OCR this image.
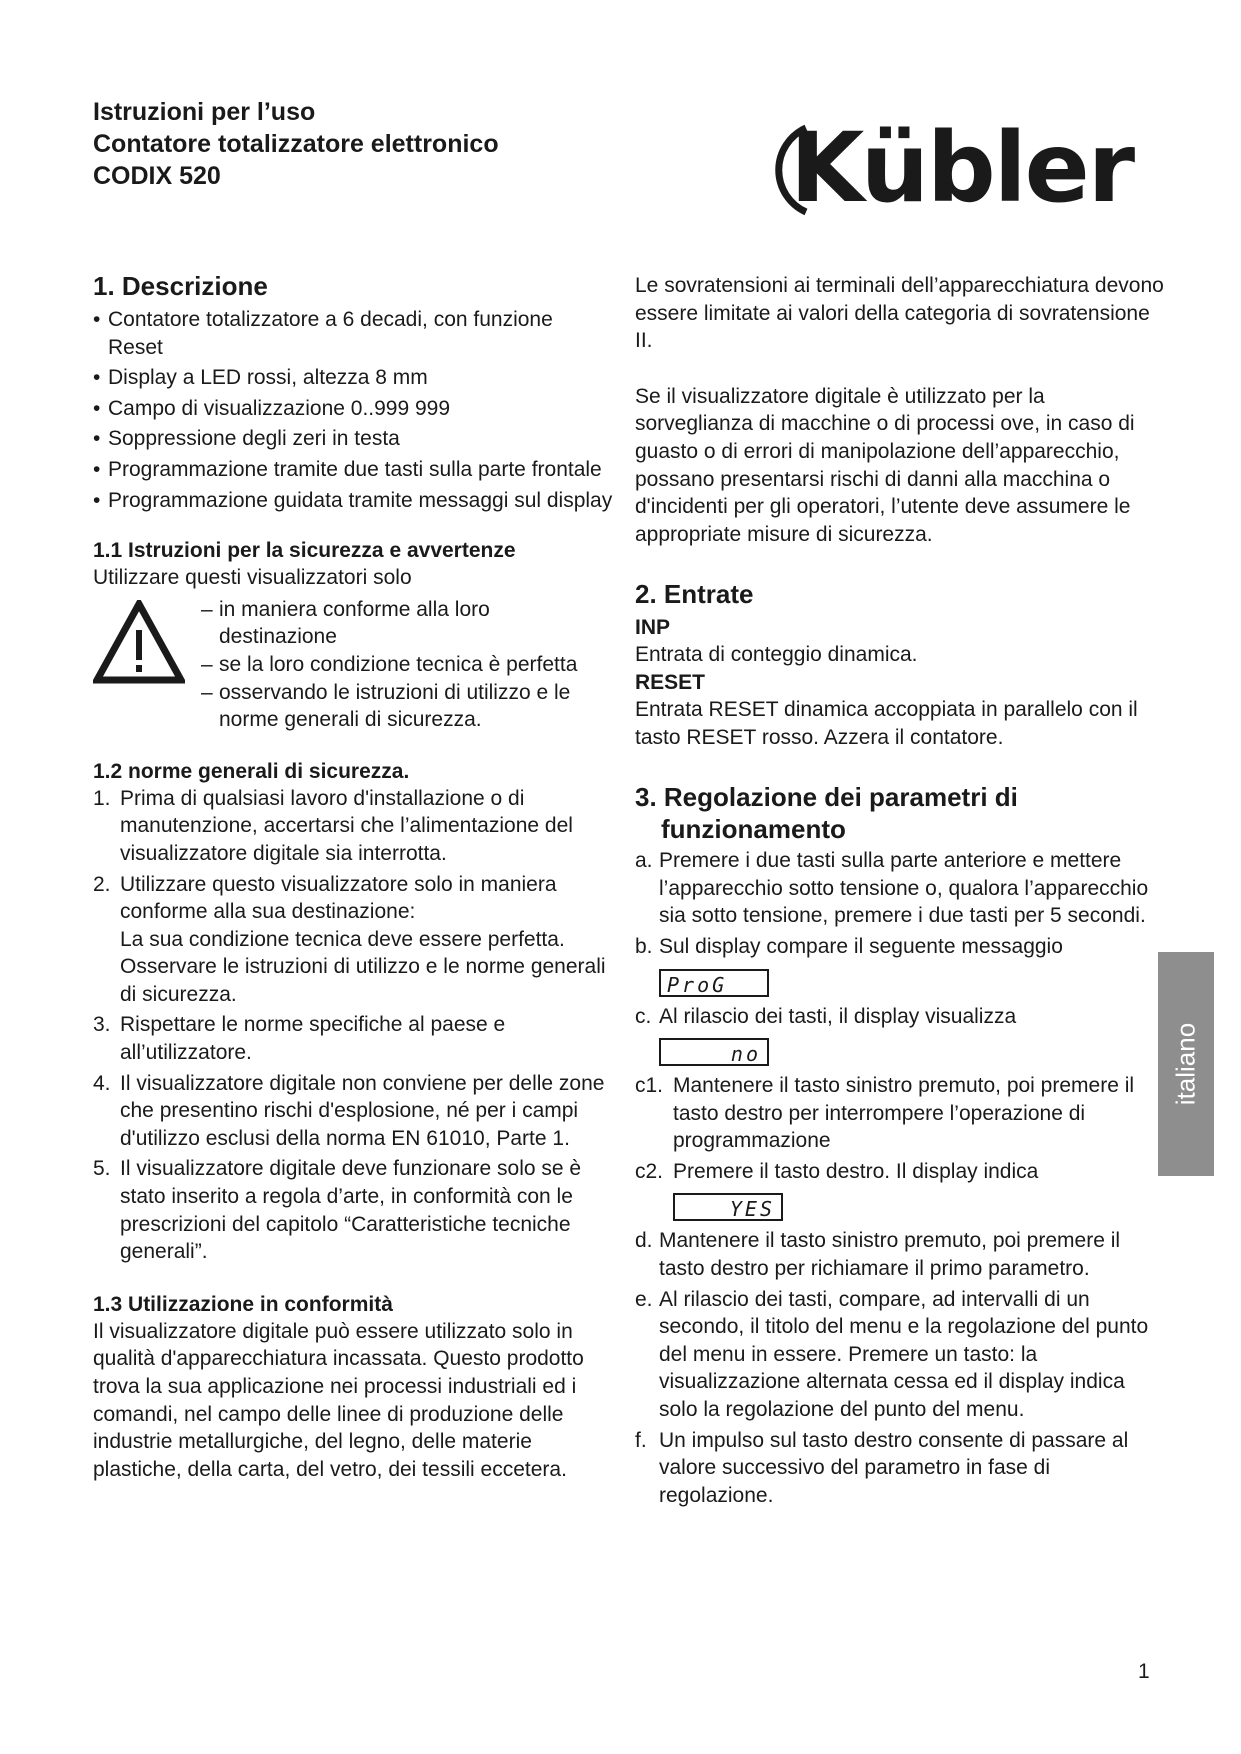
Istruzioni per l’uso
Contatore totalizzatore elettronico
CODIX 520	Kübler
1. Descrizione
• Contatore totalizzatore a 6 decadi, con funzione Reset
• Display a LED rossi, altezza 8 mm
• Campo di visualizzazione 0..999 999
• Soppressione degli zeri in testa
• Programmazione tramite due tasti sulla parte frontale
• Programmazione guidata tramite messaggi sul display
1.1 Istruzioni per la sicurezza e avvertenze

Utilizzare questi visualizzatori solo

– in maniera conforme alla loro destinazione
– se la loro condizione tecnica è perfetta
– osservando le istruzioni di utilizzo e le norme generali di sicurezza.
1.2 norme generali di sicurezza.
1. Prima di qualsiasi lavoro d'installazione o di manutenzione, accertarsi che l’alimentazione del visualizzatore digitale sia interrotta.
2. Utilizzare questo visualizzatore solo in maniera conforme alla sua destinazione:
La sua condizione tecnica deve essere perfetta. Osservare le istruzioni di utilizzo e le norme generali di sicurezza.
3. Rispettare le norme specifiche al paese e all’utilizzatore.
4. Il visualizzatore digitale non conviene per delle zone che presentino rischi d'esplosione, né per i campi d'utilizzo esclusi della norma EN 61010, Parte 1.
5. Il visualizzatore digitale deve funzionare solo se è stato inserito a regola d’arte, in conformità con le prescrizioni del capitolo “Caratteristiche tecniche generali”.
1.3 Utilizzazione in conformità

Il visualizzatore digitale può essere utilizzato solo in qualità d'apparecchiatura incassata. Questo prodotto trova la sua applicazione nei processi industriali ed i comandi, nel campo delle linee di produzione delle industrie metallurgiche, del legno, delle materie plastiche, della carta, del vetro, dei tessili eccetera.

Le sovratensioni ai terminali dell’apparecchiatura devono essere limitate ai valori della categoria di sovratensione II.

Se il visualizzatore digitale è utilizzato per la sorveglianza di macchine o di processi ove, in caso di guasto o di errori di manipolazione dell’apparecchio, possano presentarsi rischi di danni alla macchina o d'incidenti per gli operatori, l’utente deve assumere le appropriate misure di sicurezza.

2. Entrate
INP

Entrata di conteggio dinamica.

RESET

Entrata RESET dinamica accoppiata in parallelo con il tasto RESET rosso. Azzera il contatore.

3. Regolazione dei parametri di
funzionamento
a. Premere i due tasti sulla parte anteriore e mettere l’apparecchio sotto tensione o, qualora l’apparecchio sia sotto tensione, premere i due tasti per 5 secondi.
b. Sul display compare il seguente messaggio
ProG
c. Al rilascio dei tasti, il display visualizza
no
c1. Mantenere il tasto sinistro premuto, poi premere il tasto destro per interrompere l’operazione di programmazione
c2. Premere il tasto destro. Il display indica
YES
d. Mantenere il tasto sinistro premuto, poi premere il tasto destro per richiamare il primo parametro.
e. Al rilascio dei tasti, compare, ad intervalli di un secondo, il titolo del menu e la regolazione del punto del menu in essere. Premere un tasto: la visualizzazione alternata cessa ed il display indica solo la regolazione del punto del menu.
f. Un impulso sul tasto destro consente di passare al valore successivo del parametro in fase di regolazione.
italiano
1
